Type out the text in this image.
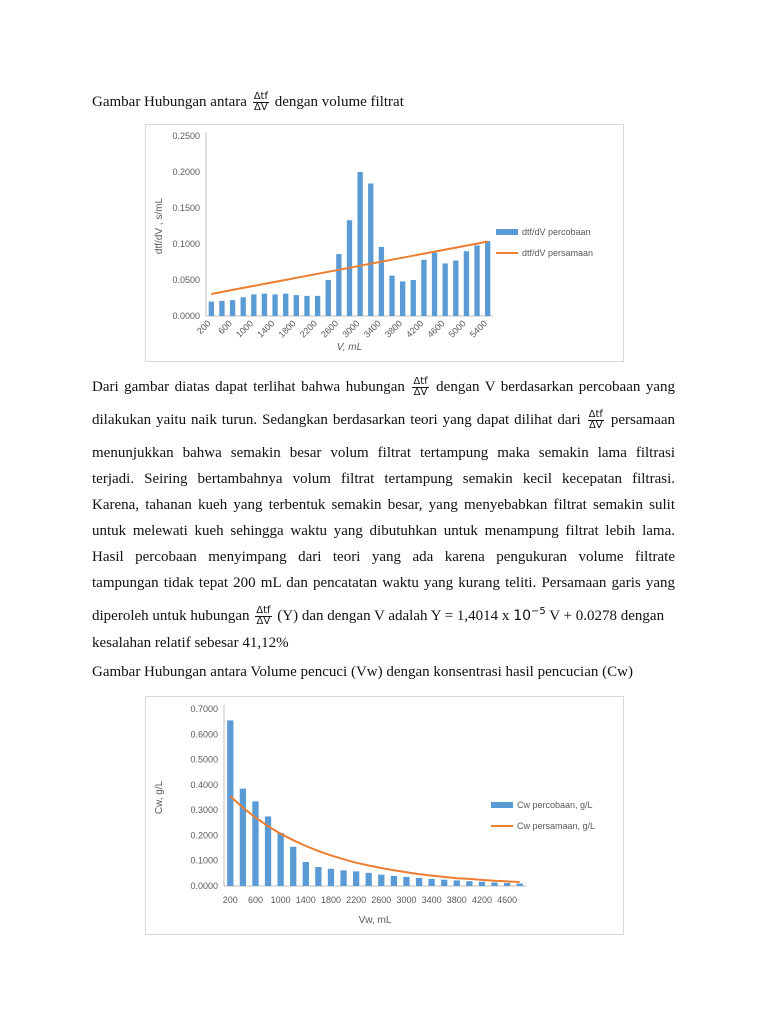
Gambar Hubungan antara $\frac{\text{Δtf}}{\Delta V}$ dengan volume filtrat
0.0000
0.0500
0.1000
0.1500
0.2000
0.2500
200 600 1000 1400 1800 2200 2600 3000 3400 3800 4200 4600 5000 5400
V, mL
dtf/dV , s/mL	dtf/dV percobaan
dtf/dV persamaan
Dari gambar diatas dapat terlihat bahwa hubungan $\frac{\text{Δtf}}{\Delta V}$ dengan V berdasarkan percobaan yang
dilakukan yaitu naik turun. Sedangkan berdasarkan teori yang dapat dilihat dari $\frac{\text{Δtf}}{\Delta V}$ persamaan
menunjukkan bahwa semakin besar volum filtrat tertampung maka semakin lama filtrasi
terjadi. Seiring bertambahnya volum filtrat tertampung semakin kecil kecepatan filtrasi.
Karena, tahanan kueh yang terbentuk semakin besar, yang menyebabkan filtrat semakin sulit
untuk melewati kueh sehingga waktu yang dibutuhkan untuk menampung filtrat lebih lama.
Hasil percobaan menyimpang dari teori yang ada karena pengukuran volume filtrate
tampungan tidak tepat 200 mL dan pencatatan waktu yang kurang teliti. Persamaan garis yang
diperoleh untuk hubungan $\frac{\text{Δtf}}{\Delta V} (Y)$ dan dengan V adalah Y = 1,4014 x $10^{-5}$ V + 0.0278 dengan
kesalahan relatif sebesar 41,12%
Gambar Hubungan antara Volume pencuci (Vw) dengan konsentrasi hasil pencucian (Cw)
0.0000
0.1000
0.2000
0.3000
0.4000
0.5000
0.6000
0.7000
200 600 1000 1400 1800 2200 2600 3000 3400 3800 4200 4600
Vw, mL
Cw, g/L	Cw percobaan, g/L
Cw persamaan, g/L
